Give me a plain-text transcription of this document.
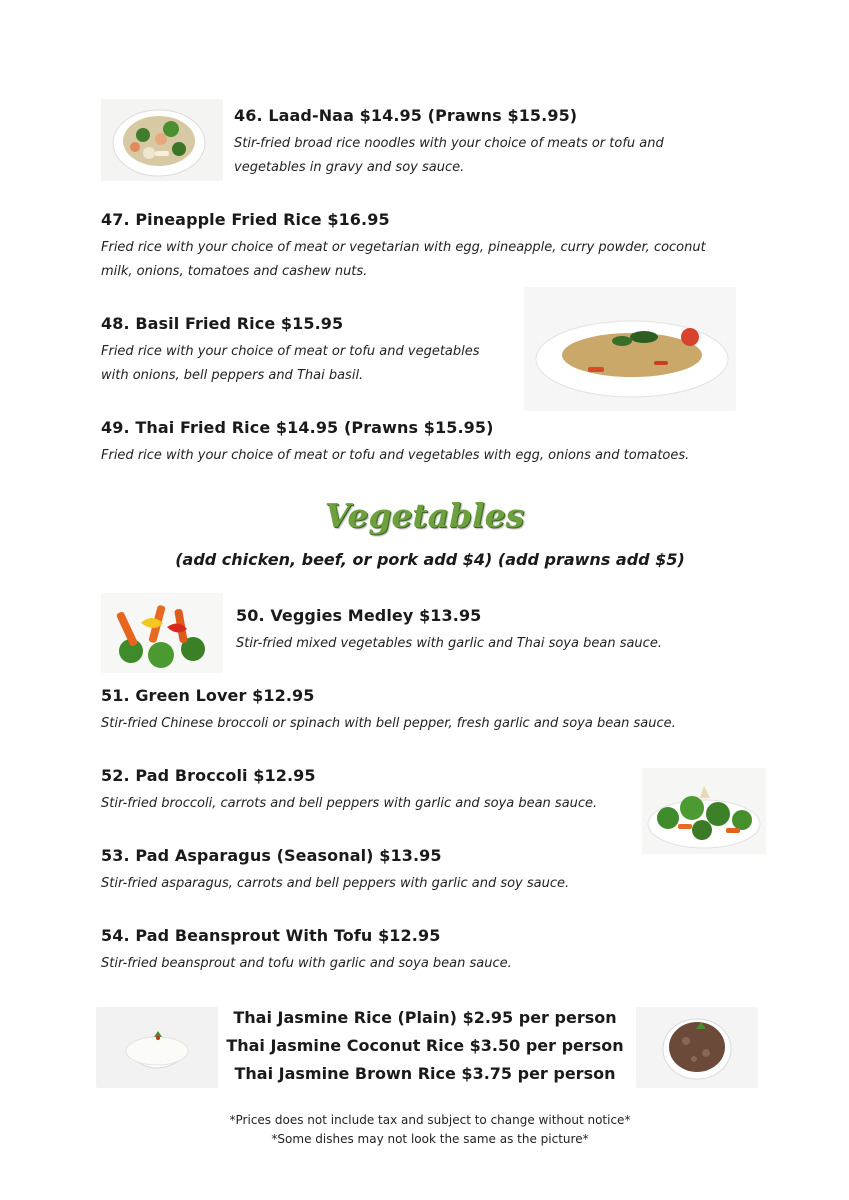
46. Laad-Naa $14.95 (Prawns $15.95)
Stir-fried broad rice noodles with your choice of meats or tofu and
vegetables in gravy and soy sauce.
47. Pineapple Fried Rice $16.95
Fried rice with your choice of meat or vegetarian with egg, pineapple, curry powder, coconut
milk, onions, tomatoes and cashew nuts.
48. Basil Fried Rice $15.95
Fried rice with your choice of meat or tofu and vegetables
with onions, bell peppers and Thai basil.
49. Thai Fried Rice $14.95 (Prawns $15.95)
Fried rice with your choice of meat or tofu and vegetables with egg, onions and tomatoes.
Vegetables
(add chicken, beef, or pork add $4) (add prawns add $5)
50. Veggies Medley $13.95
Stir-fried mixed vegetables with garlic and Thai soya bean sauce.
51. Green Lover $12.95
Stir-fried Chinese broccoli or spinach with bell pepper, fresh garlic and soya bean sauce.
52. Pad Broccoli $12.95
Stir-fried broccoli, carrots and bell peppers with garlic and soya bean sauce.
53. Pad Asparagus (Seasonal) $13.95
Stir-fried asparagus, carrots and bell peppers with garlic and soy sauce.
54. Pad Beansprout With Tofu $12.95
Stir-fried beansprout and tofu with garlic and soya bean sauce.
Thai Jasmine Rice (Plain) $2.95 per person
Thai Jasmine Coconut Rice $3.50 per person
Thai Jasmine Brown Rice $3.75 per person
*Prices does not include tax and subject to change without notice*
*Some dishes may not look the same as the picture*
